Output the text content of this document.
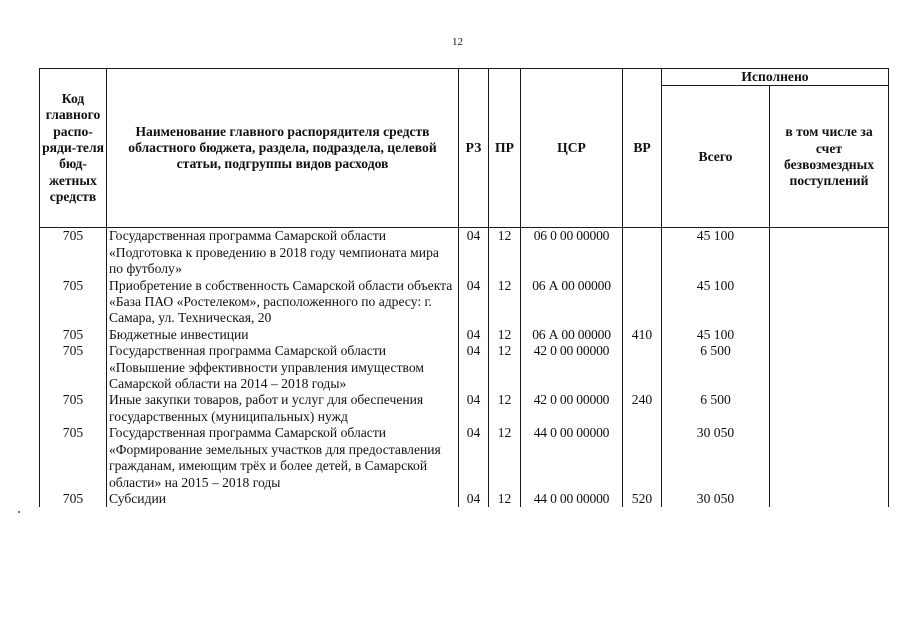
12
Код главного распо-ряди-теля бюд-жетных средств	Наименование главного распорядителя средств областного бюджета, раздела, подраздела, целевой статьи, подгруппы видов расходов	РЗ	ПР	ЦСР	ВР	Исполнено	
						Всего	в том числе за счет безвозмездных поступлений
705	Государственная программа Самарской области «Подготовка к проведению в 2018 году чемпионата мира по футболу»	04	12	06 0 00 00000		45 100	
705	Приобретение в собственность Самарской области объекта «База ПАО «Ростелеком», расположенного по адресу: г. Самара, ул. Техническая, 20	04	12	06 А 00 00000		45 100	
705	Бюджетные инвестиции	04	12	06 А 00 00000	410	45 100	
705	Государственная программа Самарской области «Повышение эффективности управления имуществом Самарской области на 2014 – 2018 годы»	04	12	42 0 00 00000		6 500	
705	Иные закупки товаров, работ и услуг для обеспечения государственных (муниципальных) нужд	04	12	42 0 00 00000	240	6 500	
705	Государственная программа Самарской области «Формирование земельных участков для предоставления гражданам, имеющим трёх и более детей, в Самарской области» на 2015 – 2018 годы	04	12	44 0 00 00000		30 050	
705	Субсидии	04	12	44 0 00 00000	520	30 050	
